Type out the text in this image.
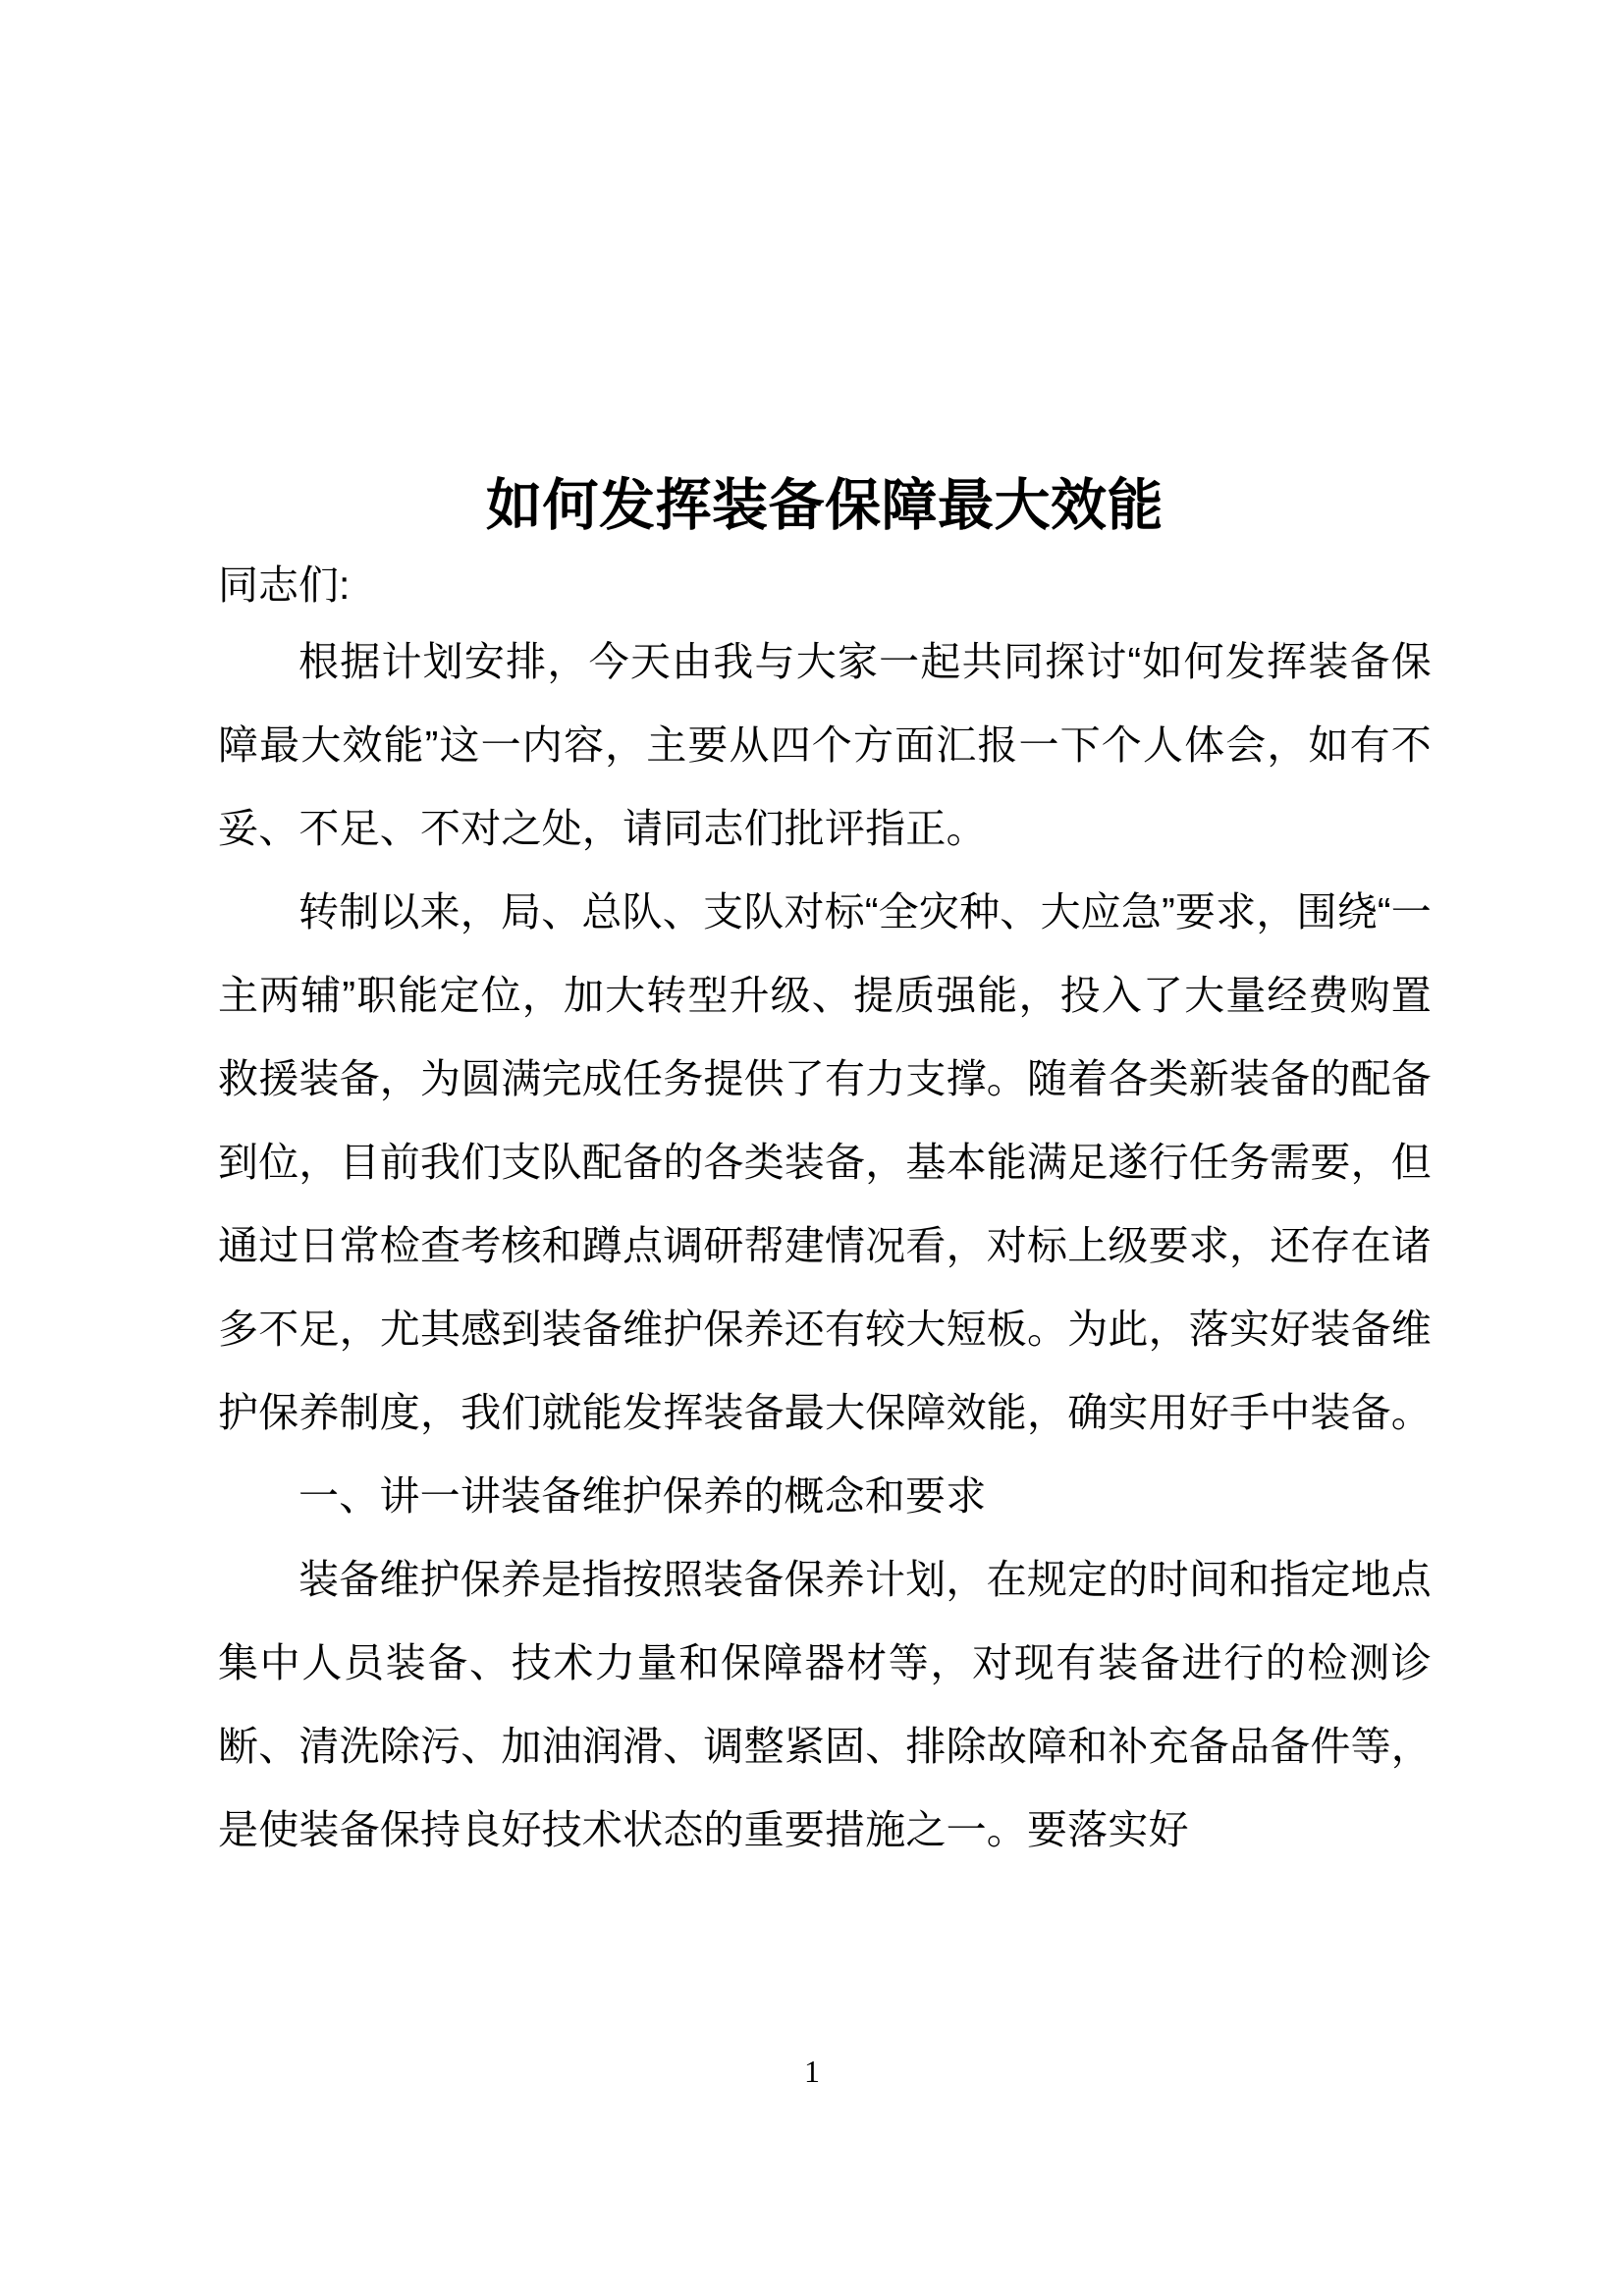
如何发挥装备保障最大效能

同志们:

根据计划安排，今天由我与大家一起共同探讨“如何发挥装备保障最大效能”这一内容，主要从四个方面汇报一下个人体会，如有不妥、不足、不对之处，请同志们批评指正。

转制以来，局、总队、支队对标“全灾种、大应急”要求，围绕“一主两辅”职能定位，加大转型升级、提质强能，投入了大量经费购置救援装备，为圆满完成任务提供了有力支撑。随着各类新装备的配备到位，目前我们支队配备的各类装备，基本能满足遂行任务需要，但通过日常检查考核和蹲点调研帮建情况看，对标上级要求，还存在诸多不足，尤其感到装备维护保养还有较大短板。为此，落实好装备维护保养制度，我们就能发挥装备最大保障效能，确实用好手中装备。

一、讲一讲装备维护保养的概念和要求

装备维护保养是指按照装备保养计划，在规定的时间和指定地点集中人员装备、技术力量和保障器材等，对现有装备进行的检测诊断、清洗除污、加油润滑、调整紧固、排除故障和补充备品备件等，是使装备保持良好技术状态的重要措施之一。要落实好

1
